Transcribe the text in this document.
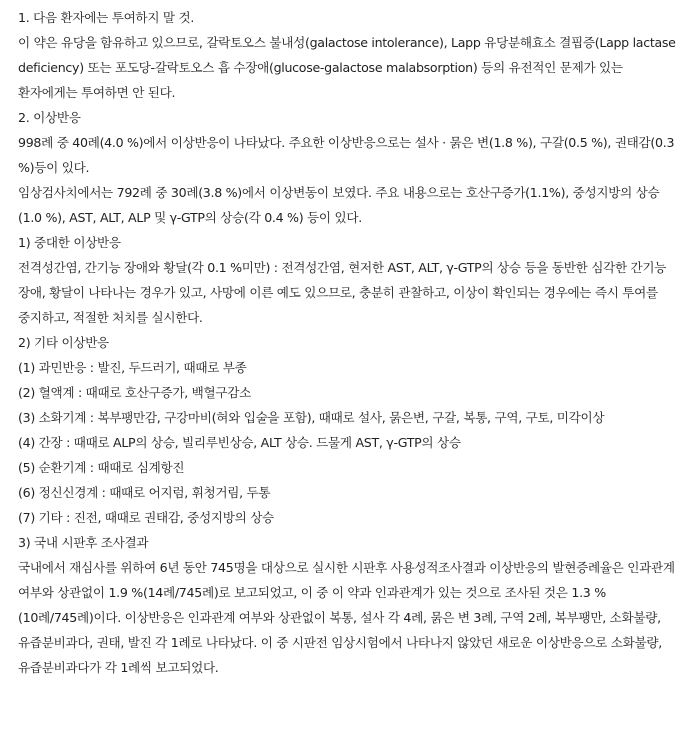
1. 다음 환자에는 투여하지 말 것.

이 약은 유당을 함유하고 있으므로, 갈락토오스 불내성(galactose intolerance), Lapp 유당분해효소 결핍증(Lapp lactase deficiency) 또는 포도당-갈락토오스 흡 수장애(glucose-galactose malabsorption) 등의 유전적인 문제가 있는 환자에게는 투여하면 안 된다.

2. 이상반응

998례 중 40례(4.0 %)에서 이상반응이 나타났다. 주요한 이상반응으로는 설사 · 묽은 변(1.8 %), 구갈(0.5 %), 권태감(0.3 %)등이 있다.

임상검사치에서는 792례 중 30례(3.8 %)에서 이상변동이 보였다. 주요 내용으로는 호산구증가(1.1%), 중성지방의 상승(1.0 %), AST, ALT, ALP 및 γ-GTP의 상승(각 0.4 %) 등이 있다.

1) 중대한 이상반응

전격성간염, 간기능 장애와 황달(각 0.1 %미만) : 전격성간염, 현저한 AST, ALT, γ-GTP의 상승 등을 동반한 심각한 간기능 장애, 황달이 나타나는 경우가 있고, 사망에 이른 예도 있으므로, 충분히 관찰하고, 이상이 확인되는 경우에는 즉시 투여를 중지하고, 적절한 처치를 실시한다.

2) 기타 이상반응

(1) 과민반응 : 발진, 두드러기, 때때로 부종

(2) 혈액계 : 때때로 호산구증가, 백혈구감소

(3) 소화기계 : 복부팽만감, 구강마비(혀와 입술을 포함), 때때로 설사, 묽은변, 구갈, 복통, 구역, 구토, 미각이상

(4) 간장 : 때때로 ALP의 상승, 빌리루빈상승, ALT 상승. 드물게 AST, γ-GTP의 상승

(5) 순환기계 : 때때로 심계항진

(6) 정신신경계 : 때때로 어지럼, 휘청거림, 두통

(7) 기타 : 진전, 때때로 권태감, 중성지방의 상승

3) 국내 시판후 조사결과

국내에서 재심사를 위하여 6년 동안 745명을 대상으로 실시한 시판후 사용성적조사결과 이상반응의 발현증례율은 인과관계 여부와 상관없이 1.9 %(14례/745례)로 보고되었고, 이 중 이 약과 인과관계가 있는 것으로 조사된 것은 1.3 %(10례/745례)이다. 이상반응은 인과관계 여부와 상관없이 복통, 설사 각 4례, 묽은 변 3례, 구역 2례, 복부팽만, 소화불량, 유즙분비과다, 권태, 발진 각 1례로 나타났다. 이 중 시판전 임상시험에서 나타나지 않았던 새로운 이상반응으로 소화불량, 유즙분비과다가 각 1례씩 보고되었다.
